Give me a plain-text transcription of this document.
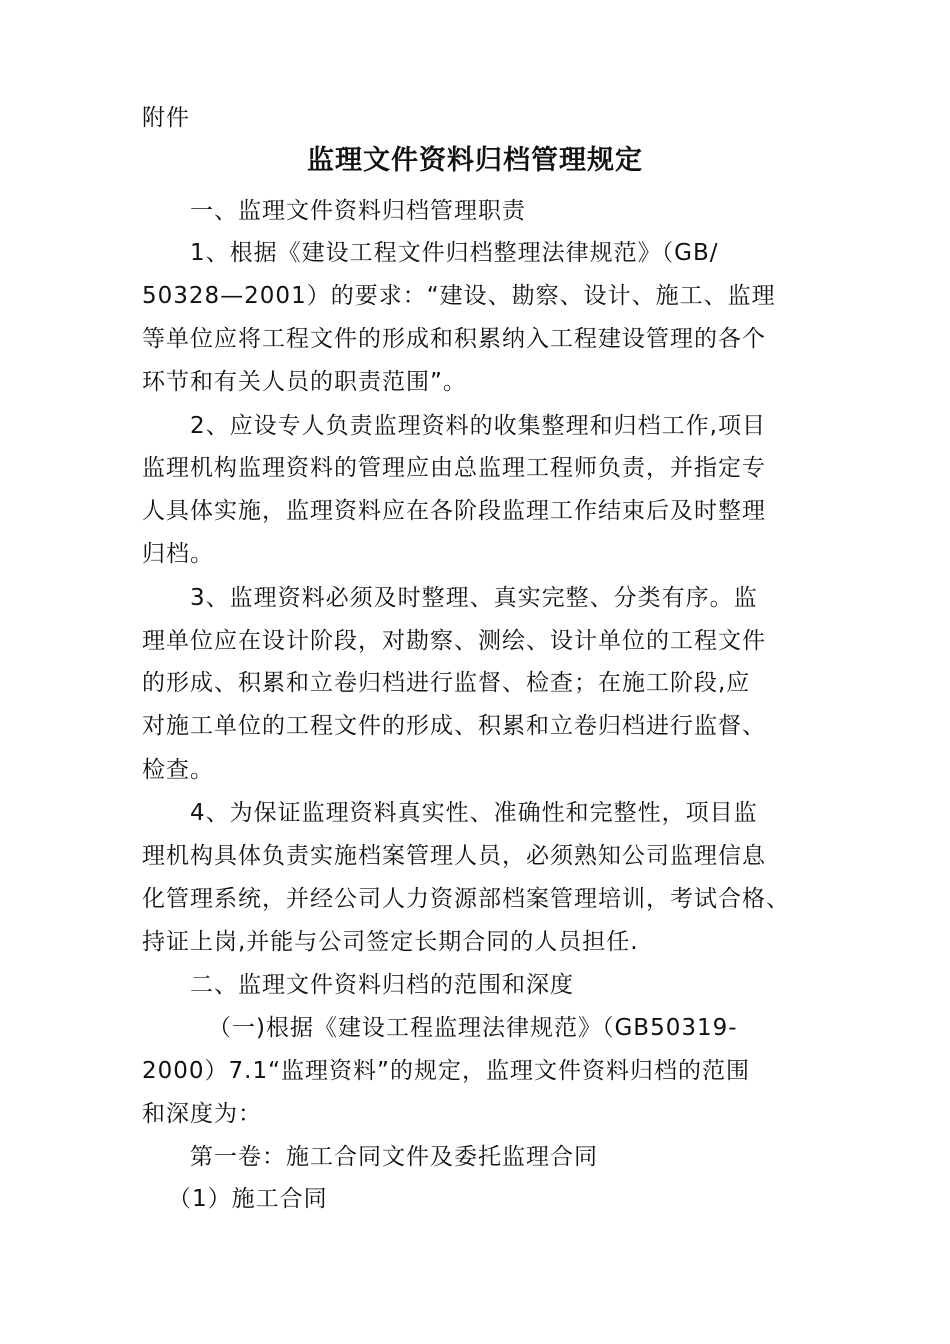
附件
监理文件资料归档管理规定
一、监理文件资料归档管理职责
1、根据《建设工程文件归档整理法律规范》（GB/
50328—2001）的要求：“建设、勘察、设计、施工、监理
等单位应将工程文件的形成和积累纳入工程建设管理的各个
环节和有关人员的职责范围”。
2、应设专人负责监理资料的收集整理和归档工作,项目
监理机构监理资料的管理应由总监理工程师负责，并指定专
人具体实施，监理资料应在各阶段监理工作结束后及时整理
归档。
3、监理资料必须及时整理、真实完整、分类有序。监
理单位应在设计阶段，对勘察、测绘、设计单位的工程文件
的形成、积累和立卷归档进行监督、检查；在施工阶段,应
对施工单位的工程文件的形成、积累和立卷归档进行监督、
检查。
4、为保证监理资料真实性、准确性和完整性，项目监
理机构具体负责实施档案管理人员，必须熟知公司监理信息
化管理系统，并经公司人力资源部档案管理培训，考试合格、
持证上岗,并能与公司签定长期合同的人员担任.
二、监理文件资料归档的范围和深度
（一)根据《建设工程监理法律规范》（GB50319-
2000）7.1“监理资料”的规定，监理文件资料归档的范围
和深度为：
第一卷：施工合同文件及委托监理合同
（1）施工合同
